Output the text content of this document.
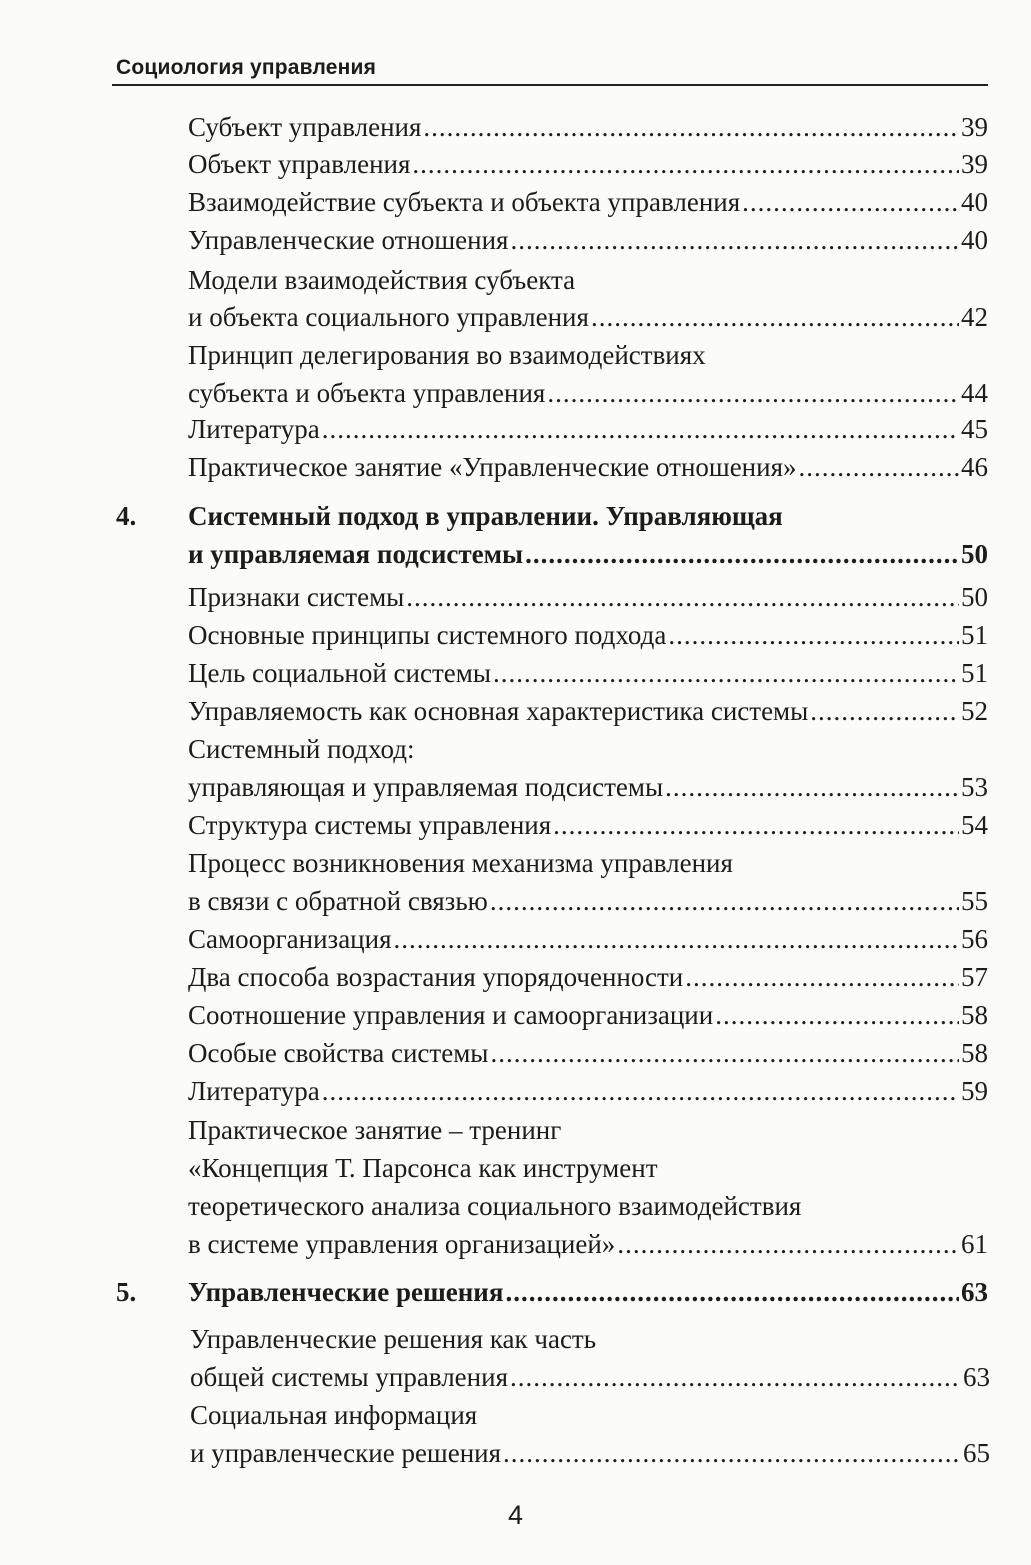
Социология управления
Субъект управления .....	39
Объект управления .....	39
Взаимодействие субъекта и объекта управления .....	40
Управленческие отношения .....	40
Модели взаимодействия субъекта
и объекта социального управления .....	42
Принцип делегирования во взаимодействиях
субъекта и объекта управления .....	44
Литература .....	45
Практическое занятие «Управленческие отношения» .....	46
4.	Системный подход в управлении. Управляющая
и управляемая подсистемы .....	50
Признаки системы .....	50
Основные принципы системного подхода .....	51
Цель социальной системы .....	51
Управляемость как основная характеристика системы .....	52
Системный подход:
управляющая и управляемая подсистемы .....	53
Структура системы управления .....	54
Процесс возникновения механизма управления
в связи с обратной связью .....	55
Самоорганизация .....	56
Два способа возрастания упорядоченности .....	57
Соотношение управления и самоорганизации .....	58
Особые свойства системы .....	58
Литература .....	59
Практическое занятие – тренинг
«Концепция Т. Парсонса как инструмент
теоретического анализа социального взаимодействия
в системе управления организацией» .....	61
5.	Управленческие решения .....	63
Управленческие решения как часть
общей системы управления .....	63
Социальная информация
и управленческие решения .....	65
4
